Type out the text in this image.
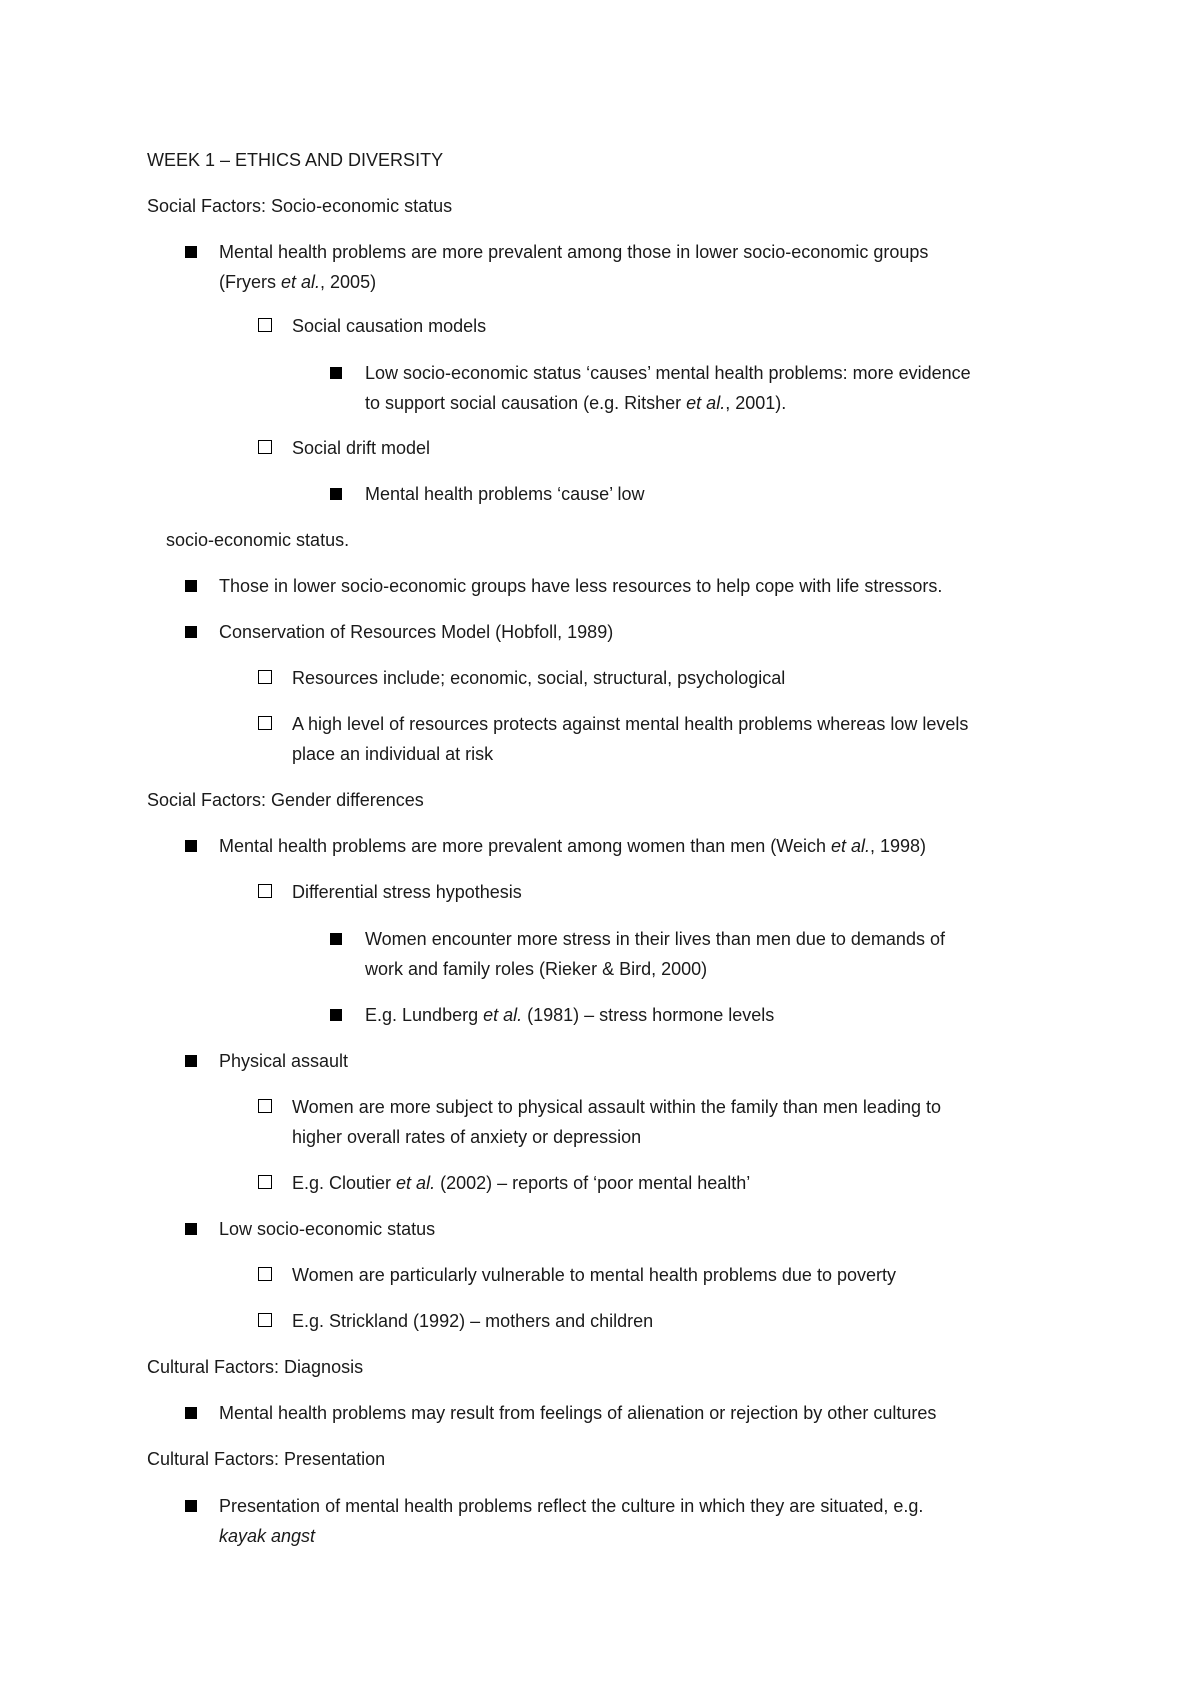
WEEK 1 – ETHICS AND DIVERSITY
Social Factors: Socio-economic status
Mental health problems are more prevalent among those in lower socio-economic groups
(Fryers et al., 2005)
Social causation models
Low socio-economic status ‘causes’ mental health problems: more evidence
to support social causation (e.g. Ritsher et al., 2001).
Social drift model
Mental health problems ‘cause’ low
socio-economic status.
Those in lower socio-economic groups have less resources to help cope with life stressors.
Conservation of Resources Model (Hobfoll, 1989)
Resources include; economic, social, structural, psychological
A high level of resources protects against mental health problems whereas low levels
place an individual at risk
Social Factors: Gender differences
Mental health problems are more prevalent among women than men (Weich et al., 1998)
Differential stress hypothesis
Women encounter more stress in their lives than men due to demands of
work and family roles (Rieker & Bird, 2000)
E.g. Lundberg et al. (1981) – stress hormone levels
Physical assault
Women are more subject to physical assault within the family than men leading to
higher overall rates of anxiety or depression
E.g. Cloutier et al. (2002) – reports of ‘poor mental health’
Low socio-economic status
Women are particularly vulnerable to mental health problems due to poverty
E.g. Strickland (1992) – mothers and children
Cultural Factors: Diagnosis
Mental health problems may result from feelings of alienation or rejection by other cultures
Cultural Factors: Presentation
Presentation of mental health problems reflect the culture in which they are situated, e.g.
kayak angst
